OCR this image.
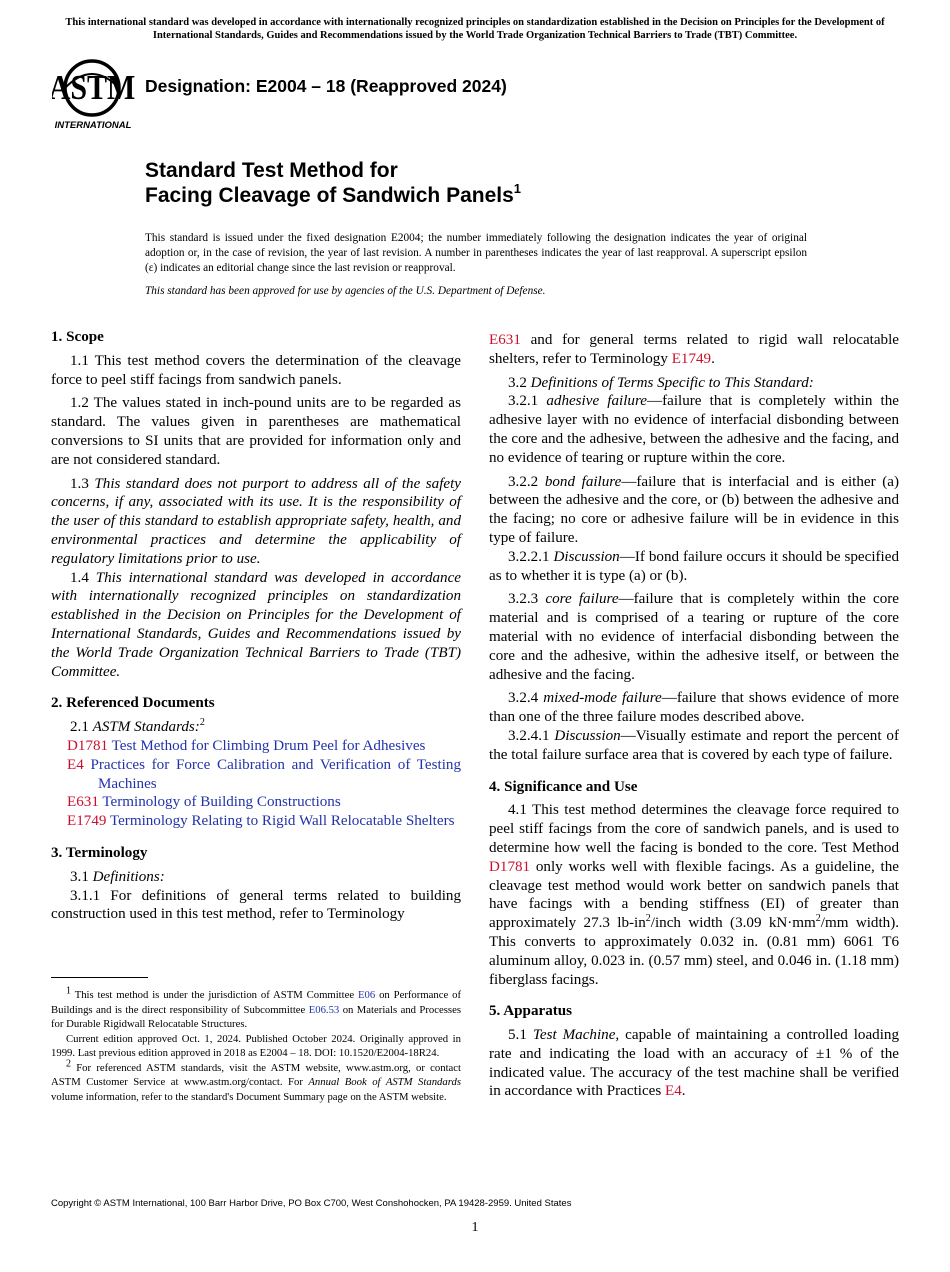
This international standard was developed in accordance with internationally recognized principles on standardization established in the Decision on Principles for the Development of International Standards, Guides and Recommendations issued by the World Trade Organization Technical Barriers to Trade (TBT) Committee.
ASTM
INTERNATIONAL
Designation: E2004 – 18 (Reapproved 2024)
Standard Test Method for
Facing Cleavage of Sandwich Panels$^1$
This standard is issued under the fixed designation E2004; the number immediately following the designation indicates the year of original adoption or, in the case of revision, the year of last revision. A number in parentheses indicates the year of last reapproval. A superscript epsilon (ε) indicates an editorial change since the last revision or reapproval.
This standard has been approved for use by agencies of the U.S. Department of Defense.

1. Scope

1.1 This test method covers the determination of the cleavage force to peel stiff facings from sandwich panels.

1.2 The values stated in inch-pound units are to be regarded as standard. The values given in parentheses are mathematical conversions to SI units that are provided for information only and are not considered standard.

1.3 This standard does not purport to address all of the safety concerns, if any, associated with its use. It is the responsibility of the user of this standard to establish appropriate safety, health, and environmental practices and determine the applicability of regulatory limitations prior to use.

1.4 This international standard was developed in accordance with internationally recognized principles on standardization established in the Decision on Principles for the Development of International Standards, Guides and Recommendations issued by the World Trade Organization Technical Barriers to Trade (TBT) Committee.

2. Referenced Documents

2.1 ASTM Standards:$^2$

D1781 Test Method for Climbing Drum Peel for Adhesives

E4 Practices for Force Calibration and Verification of Testing Machines

E631 Terminology of Building Constructions

E1749 Terminology Relating to Rigid Wall Relocatable Shelters

3. Terminology

3.1 Definitions:

3.1.1 For definitions of general terms related to building construction used in this test method, refer to Terminology

$^1$ This test method is under the jurisdiction of ASTM Committee E06 on Performance of Buildings and is the direct responsibility of Subcommittee E06.53 on Materials and Processes for Durable Rigidwall Relocatable Structures.

Current edition approved Oct. 1, 2024. Published October 2024. Originally approved in 1999. Last previous edition approved in 2018 as E2004 – 18. DOI: 10.1520/E2004-18R24.

$^2$ For referenced ASTM standards, visit the ASTM website, www.astm.org, or contact ASTM Customer Service at www.astm.org/contact. For Annual Book of ASTM Standards volume information, refer to the standard's Document Summary page on the ASTM website.

E631 and for general terms related to rigid wall relocatable shelters, refer to Terminology E1749.

3.2 Definitions of Terms Specific to This Standard:

3.2.1 adhesive failure—failure that is completely within the adhesive layer with no evidence of interfacial disbonding between the core and the adhesive, between the adhesive and the facing, and no evidence of tearing or rupture within the core.

3.2.2 bond failure—failure that is interfacial and is either (a) between the adhesive and the core, or (b) between the adhesive and the facing; no core or adhesive failure will be in evidence in this type of failure.

3.2.2.1 Discussion—If bond failure occurs it should be specified as to whether it is type (a) or (b).

3.2.3 core failure—failure that is completely within the core material and is comprised of a tearing or rupture of the core material with no evidence of interfacial disbonding between the core and the adhesive, within the adhesive itself, or between the adhesive and the facing.

3.2.4 mixed-mode failure—failure that shows evidence of more than one of the three failure modes described above.

3.2.4.1 Discussion—Visually estimate and report the percent of the total failure surface area that is covered by each type of failure.

4. Significance and Use

4.1 This test method determines the cleavage force required to peel stiff facings from the core of sandwich panels, and is used to determine how well the facing is bonded to the core. Test Method D1781 only works well with flexible facings. As a guideline, the cleavage test method would work better on sandwich panels that have facings with a bending stiffness (EI) of greater than approximately 27.3 $lb-in^2$/inch width (3.09 $kN\cdot mm^2/mm$ width). This converts to approximately 0.032 in. (0.81 mm) 6061 T6 aluminum alloy, 0.023 in. (0.57 mm) steel, and 0.046 in. (1.18 mm) fiberglass facings.

5. Apparatus

5.1 Test Machine, capable of maintaining a controlled loading rate and indicating the load with an accuracy of ±1 % of the indicated value. The accuracy of the test machine shall be verified in accordance with Practices E4.

Copyright © ASTM International, 100 Barr Harbor Drive, PO Box C700, West Conshohocken, PA 19428-2959. United States
1
